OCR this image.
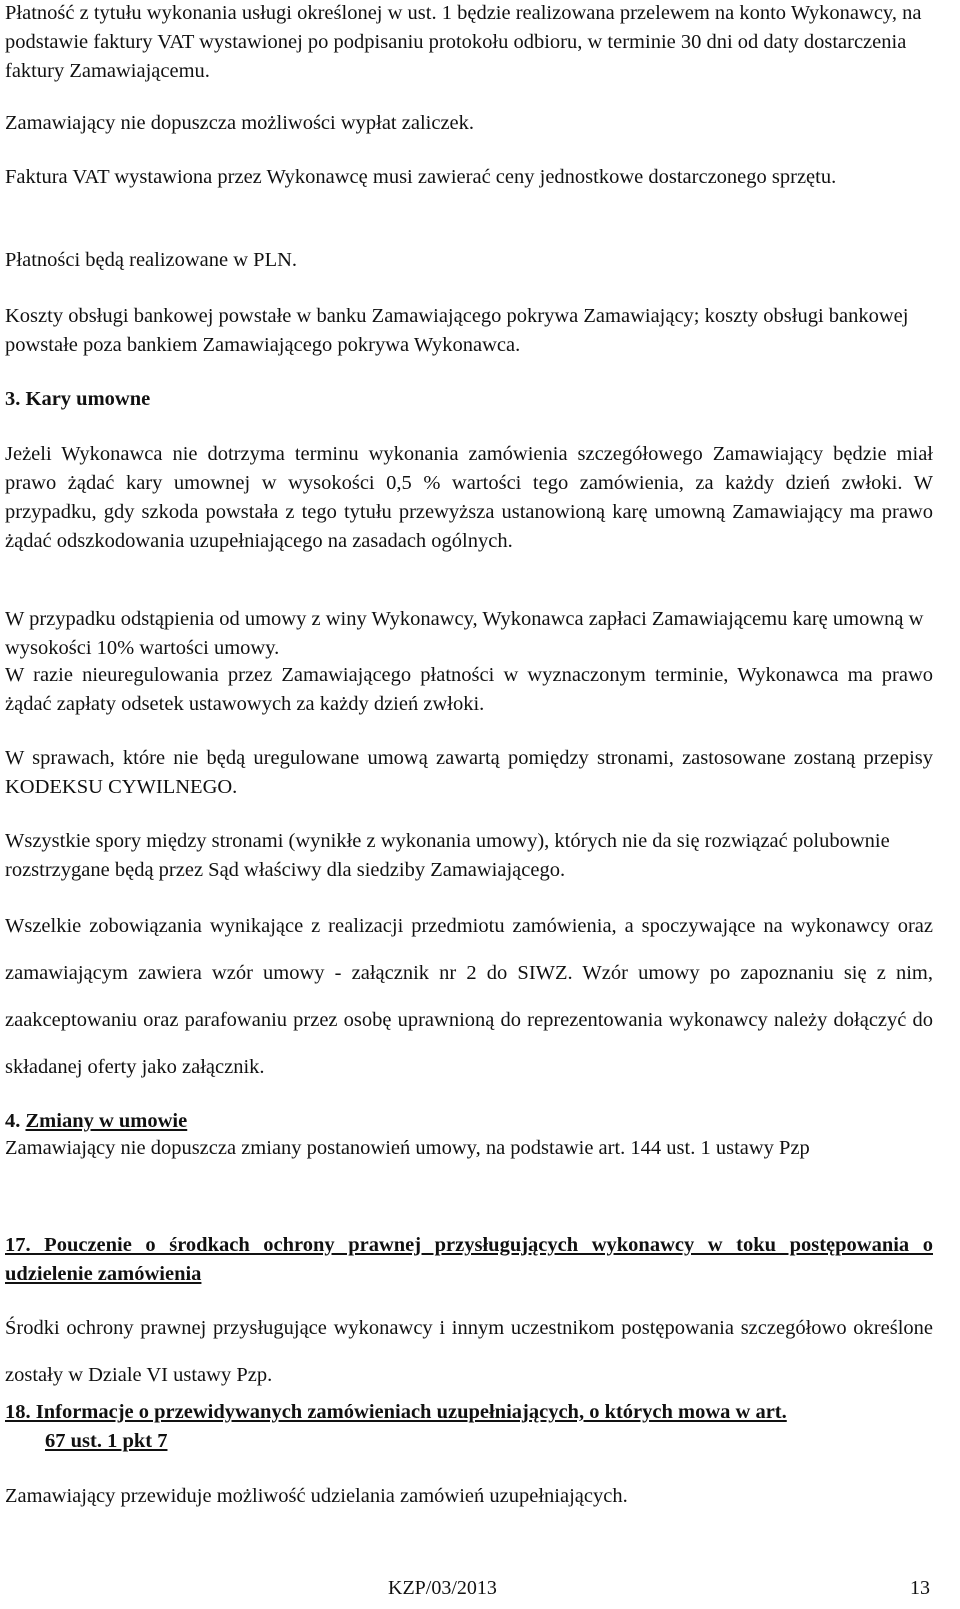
Płatność z tytułu wykonania usługi określonej w ust. 1 będzie realizowana przelewem na konto Wykonawcy, na podstawie faktury VAT wystawionej po podpisaniu protokołu odbioru, w terminie 30 dni od daty dostarczenia faktury Zamawiającemu.

Zamawiający nie dopuszcza możliwości wypłat zaliczek.

Faktura VAT wystawiona przez Wykonawcę musi zawierać ceny jednostkowe dostarczonego sprzętu.

Płatności będą realizowane w PLN.

Koszty obsługi bankowej powstałe w banku Zamawiającego pokrywa Zamawiający; koszty obsługi bankowej powstałe poza bankiem Zamawiającego pokrywa Wykonawca.

3. Kary umowne

Jeżeli Wykonawca nie dotrzyma terminu wykonania zamówienia szczegółowego Zamawiający będzie miał prawo żądać kary umownej w wysokości 0,5 % wartości tego zamówienia, za każdy dzień zwłoki. W przypadku, gdy szkoda powstała z tego tytułu przewyższa ustanowioną karę umowną Zamawiający ma prawo żądać odszkodowania uzupełniającego na zasadach ogólnych.

W przypadku odstąpienia od umowy z winy Wykonawcy, Wykonawca zapłaci Zamawiającemu karę umowną w wysokości 10% wartości umowy.

W razie nieuregulowania przez Zamawiającego płatności w wyznaczonym terminie, Wykonawca ma prawo żądać zapłaty odsetek ustawowych za każdy dzień zwłoki.

W sprawach, które nie będą uregulowane umową zawartą pomiędzy stronami, zastosowane zostaną przepisy KODEKSU CYWILNEGO.

Wszystkie spory między stronami (wynikłe z wykonania umowy), których nie da się rozwiązać polubownie rozstrzygane będą przez Sąd właściwy dla siedziby Zamawiającego.

Wszelkie zobowiązania wynikające z realizacji przedmiotu zamówienia, a spoczywające na wykonawcy oraz zamawiającym zawiera wzór umowy - załącznik nr 2 do SIWZ. Wzór umowy po zapoznaniu się z nim, zaakceptowaniu oraz parafowaniu przez osobę uprawnioną do reprezentowania wykonawcy należy dołączyć do składanej oferty jako załącznik.

4. Zmiany w umowie

Zamawiający nie dopuszcza zmiany postanowień umowy, na podstawie art. 144 ust. 1 ustawy Pzp

17. Pouczenie o środkach ochrony prawnej przysługujących wykonawcy w toku postępowania o udzielenie zamówienia

Środki ochrony prawnej przysługujące wykonawcy i innym uczestnikom postępowania szczegółowo określone zostały w Dziale VI ustawy Pzp.

18. Informacje o przewidywanych zamówieniach uzupełniających, o których mowa w art.
67 ust. 1 pkt 7

Zamawiający przewiduje możliwość udzielania zamówień uzupełniających.

KZP/03/2013	13
